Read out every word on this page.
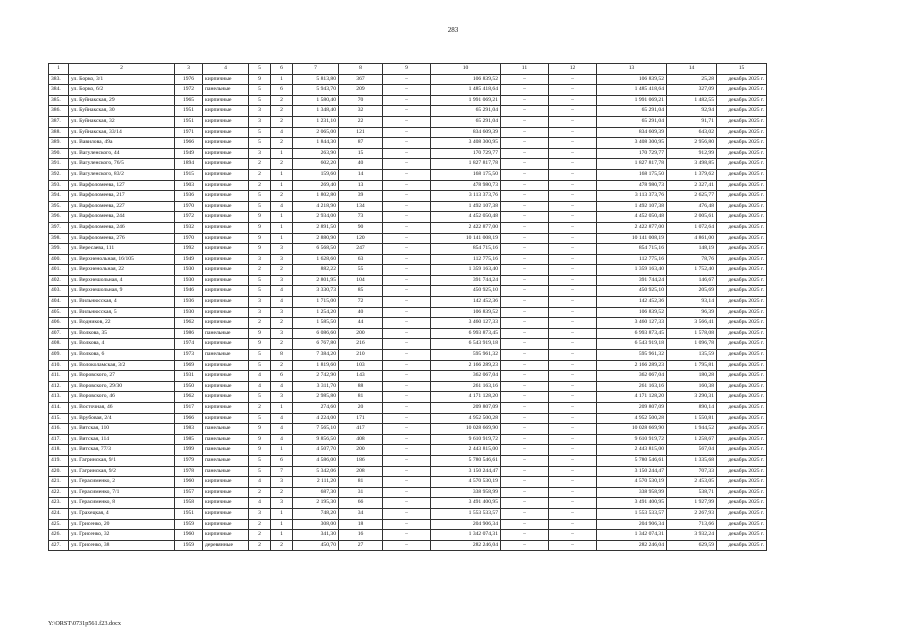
283
1	2	3	4	5	6	7	8	9	10	11	12	13	14	15
383.	ул. Борко, 3/1	1976	кирпичные	9	1	5 813,80	367	–	106 839,52	–	–	106 839,52	25,28	декабрь 2025 г.
384.	ул. Борко, 6/2	1972	панельные	5	6	5 943,70	209	–	1 485 418,64	–	–	1 485 418,64	327,09	декабрь 2025 г.
385.	ул. Буйнакская, 29	1965	кирпичные	5	2	1 580,40	70	–	1 991 069,21	–	–	1 991 069,21	1 482,55	декабрь 2025 г.
386.	ул. Буйнакская, 30	1951	кирпичные	3	2	1 348,40	32	–	65 291,04	–	–	65 291,04	92,94	декабрь 2025 г.
387.	ул. Буйнакская, 32	1951	кирпичные	3	2	1 231,10	22	–	65 291,04	–	–	65 291,04	91,71	декабрь 2025 г.
388.	ул. Буйнакская, 33/14	1971	кирпичные	5	4	2 065,00	121	–	834 609,39	–	–	834 609,39	643,02	декабрь 2025 г.
389.	ул. Вавилова, 49а	1966	кирпичные	5	2	1 844,30	87	–	3 408 300,95	–	–	3 408 300,95	2 956,80	декабрь 2025 г.
390.	ул. Вагуленского, 44	1949	кирпичные	3	1	263,90	15	–	170 729,77	–	–	170 729,77	912,99	декабрь 2025 г.
391.	ул. Вагуленского, 76/5	1894	кирпичные	2	2	602,20	40	–	1 827 817,78	–	–	1 827 817,78	3 498,85	декабрь 2025 г.
392.	ул. Вагуленского, 83/2	1915	кирпичные	2	1	159,60	14	–	168 175,50	–	–	168 175,50	1 379,62	декабрь 2025 г.
393.	ул. Варфоломеева, 127	1903	кирпичные	2	1	269,40	13	–	478 980,73	–	–	478 980,73	2 327,41	декабрь 2025 г.
394.	ул. Варфоломеева, 217	1936	кирпичные	5	2	1 802,80	39	–	3 113 373,76	–	–	3 113 373,76	2 625,77	декабрь 2025 г.
395.	ул. Варфоломеева, 227	1970	кирпичные	5	4	4 218,90	134	–	1 492 107,38	–	–	1 492 107,38	476,48	декабрь 2025 г.
396.	ул. Варфоломеева, 244	1972	кирпичные	9	1	2 934,00	73	–	4 452 050,48	–	–	4 452 050,48	2 005,61	декабрь 2025 г.
397.	ул. Варфоломеева, 246	1932	кирпичные	9	1	2 891,50	90	–	2 422 877,00	–	–	2 422 877,00	1 072,64	декабрь 2025 г.
398.	ул. Варфоломеева, 276	1970	кирпичные	9	1	2 880,90	120	–	10 141 008,19	–	–	10 141 008,19	4 861,00	декабрь 2025 г.
399.	ул. Вересаева, 111	1992	кирпичные	9	3	6 568,50	247	–	854 715,16	–	–	854 715,16	148,19	декабрь 2025 г.
400.	ул. Верхненольная, 16/105	1949	кирпичные	3	3	1 628,60	63	–	112 775,16	–	–	112 775,16	78,76	декабрь 2025 г.
401.	ул. Верхненольная, 22	1930	кирпичные	2	2	882,22	55	–	1 359 163,40	–	–	1 359 163,40	1 752,40	декабрь 2025 г.
402.	ул. Верхнешольная, 4	1930	кирпичные	5	3	2 801,95	104	–	391 744,24	–	–	391 744,24	146,67	декабрь 2025 г.
403.	ул. Верхнешольная, 9	1946	кирпичные	5	4	3 330,73	85	–	450 925,10	–	–	450 925,10	205,69	декабрь 2025 г.
404.	ул. Вильнюсская, 4	1936	кирпичные	3	4	1 715,00	72	–	142 452,36	–	–	142 452,36	93,14	декабрь 2025 г.
405.	ул. Вильнюсская, 5	1930	кирпичные	3	3	1 254,20	40	–	106 839,52	–	–	106 839,52	96,39	декабрь 2025 г.
406.	ул. Водников, 22	1962	кирпичные	2	2	1 585,50	44	–	3 460 127,33	–	–	3 460 127,33	3 566,41	декабрь 2025 г.
407.	ул. Волкова, 35	1986	панельные	9	3	6 086,60	200	–	6 993 873,45	–	–	6 993 873,45	1 578,08	декабрь 2025 г.
408.	ул. Волкова, 4	1974	кирпичные	9	2	6 767,80	216	–	6 543 919,18	–	–	6 543 919,18	1 096,78	декабрь 2025 г.
409.	ул. Волкова, 6	1973	панельные	5	8	7 384,20	210	–	595 961,32	–	–	595 961,32	135,59	декабрь 2025 г.
410.	ул. Волоколамская, 3/2	1969	кирпичные	5	2	1 819,60	103	–	2 166 289,23	–	–	2 166 289,23	1 795,81	декабрь 2025 г.
411.	ул. Воровского, 27	1931	кирпичные	4	6	2 742,90	143	–	362 067,04	–	–	362 067,04	180,28	декабрь 2025 г.
412.	ул. Воровского, 29/30	1950	кирпичные	4	4	3 311,70	88	–	261 163,16	–	–	261 163,16	160,38	декабрь 2025 г.
413.	ул. Воровского, 46	1962	кирпичные	5	3	2 985,80	81	–	4 171 128,20	–	–	4 171 128,20	3 290,31	декабрь 2025 г.
414.	ул. Восточная, 46	1917	кирпичные	2	1	274,60	20	–	209 807,09	–	–	209 807,09	890,14	декабрь 2025 г.
415.	ул. Врубовая, 2/4	1966	кирпичные	5	4	4 224,00	171	–	4 952 500,28	–	–	4 952 500,28	1 550,81	декабрь 2025 г.
416.	ул. Вятская, 110	1983	панельные	9	4	7 565,10	417	–	10 028 669,90	–	–	10 028 669,90	1 944,52	декабрь 2025 г.
417.	ул. Вятская, 114	1985	панельные	9	4	9 856,50	408	–	9 610 919,72	–	–	9 610 919,72	1 258,67	декабрь 2025 г.
418.	ул. Вятская, 77/3	1999	панельные	9	1	4 507,70	200	–	2 443 815,00	–	–	2 443 815,00	567,04	декабрь 2025 г.
419.	ул. Гагринская, 9/1	1979	панельные	5	6	4 586,00	186	–	5 780 546,61	–	–	5 780 546,61	1 335,68	декабрь 2025 г.
420.	ул. Гагринская, 9/2	1978	панельные	5	7	5 342,06	208	–	3 150 244,47	–	–	3 150 244,47	707,33	декабрь 2025 г.
421.	ул. Герасименко, 2	1960	кирпичные	4	3	2 111,20	81	–	4 570 530,19	–	–	4 570 530,19	2 453,05	декабрь 2025 г.
422.	ул. Герасименко, 7/1	1957	кирпичные	2	2	687,30	31	–	338 958,99	–	–	338 958,99	538,71	декабрь 2025 г.
423.	ул. Герасименко, 8	1958	кирпичные	4	3	2 195,30	66	–	3 491 400,95	–	–	3 491 400,95	1 927,99	декабрь 2025 г.
424.	ул. Грахецкая, 4	1951	кирпичные	3	1	748,20	34	–	1 553 533,57	–	–	1 553 533,57	2 267,93	декабрь 2025 г.
425.	ул. Грисенко, 20	1959	кирпичные	2	1	308,00	18	–	204 906,34	–	–	204 906,34	713,66	декабрь 2025 г.
426.	ул. Грисенко, 32	1960	кирпичные	2	1	341,30	16	–	1 342 074,31	–	–	1 342 074,31	3 932,24	декабрь 2025 г.
427.	ул. Грисенко, 38	1959	деревянные	2	2	450,70	27	–	282 246,04	–	–	282 246,04	629,59	декабрь 2025 г.
Y:\ORST\0731p561.f23.docx
